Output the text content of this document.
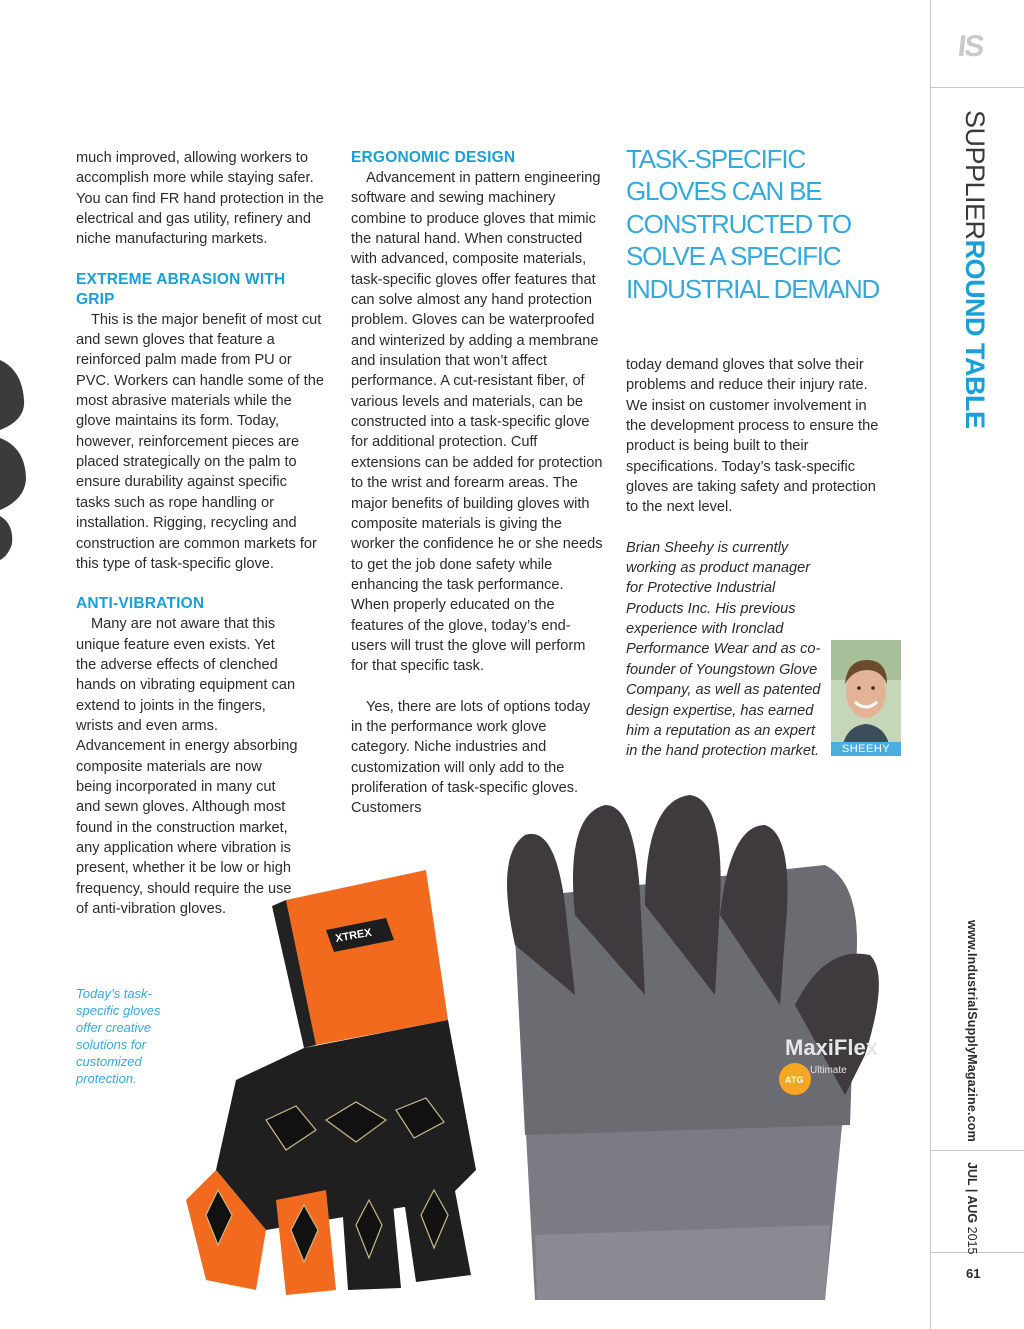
much improved, allowing workers to accomplish more while staying safer. You can find FR hand protection in the electrical and gas utility, refinery and niche manufacturing markets.

EXTREME ABRASION WITH GRIP

This is the major benefit of most cut and sewn gloves that feature a reinforced palm made from PU or PVC. Workers can handle some of the most abrasive materials while the glove maintains its form. Today, however, reinforcement pieces are placed strategically on the palm to ensure durability against specific tasks such as rope handling or installation. Rigging, recycling and construction are common markets for this type of task-specific glove.

ANTI-VIBRATION

Many are not aware that this unique feature even exists. Yet the adverse effects of clenched hands on vibrating equipment can extend to joints in the fingers, wrists and even arms. Advancement in energy absorbing composite materials are now being incorporated in many cut and sewn gloves. Although most found in the construction market, any application where vibration is present, whether it be low or high frequency, should require the use of anti-vibration gloves.

ERGONOMIC DESIGN

Advancement in pattern engineering software and sewing machinery combine to produce gloves that mimic the natural hand. When constructed with advanced, composite materials, task-specific gloves offer features that can solve almost any hand protection problem. Gloves can be waterproofed and winterized by adding a membrane and insulation that won’t affect performance. A cut-resistant fiber, of various levels and materials, can be constructed into a task-specific glove for additional protection. Cuff extensions can be added for protection to the wrist and forearm areas. The major benefits of building gloves with composite materials is giving the worker the confidence he or she needs to get the job done safety while enhancing the task performance. When properly educated on the features of the glove, today’s end-users will trust the glove will perform for that specific task.

Yes, there are lots of options today in the performance work glove category. Niche industries and customization will only add to the proliferation of task-specific gloves. Customers

TASK-SPECIFIC GLOVES CAN BE CONSTRUCTED TO SOLVE A SPECIFIC INDUSTRIAL DEMAND

today demand gloves that solve their problems and reduce their injury rate. We insist on customer involvement in the development process to ensure the product is being built to their specifications. Today’s task-specific gloves are taking safety and protection to the next level.

Brian Sheehy is currently working as product manager for Protective Industrial Products Inc. His previous experience with Ironclad Performance Wear and as co-founder of Youngstown Glove Company, as well as patented design expertise, has earned him a reputation as an expert in the hand protection market.	SHEEHY
Today’s task-specific gloves offer creative solutions for customized protection.
XTREX
MaxiFlex
Ultimate
ATG
IS
SUPPLIERROUND TABLE
www.IndustrialSupplyMagazine.com
JUL | AUG 2015
61
